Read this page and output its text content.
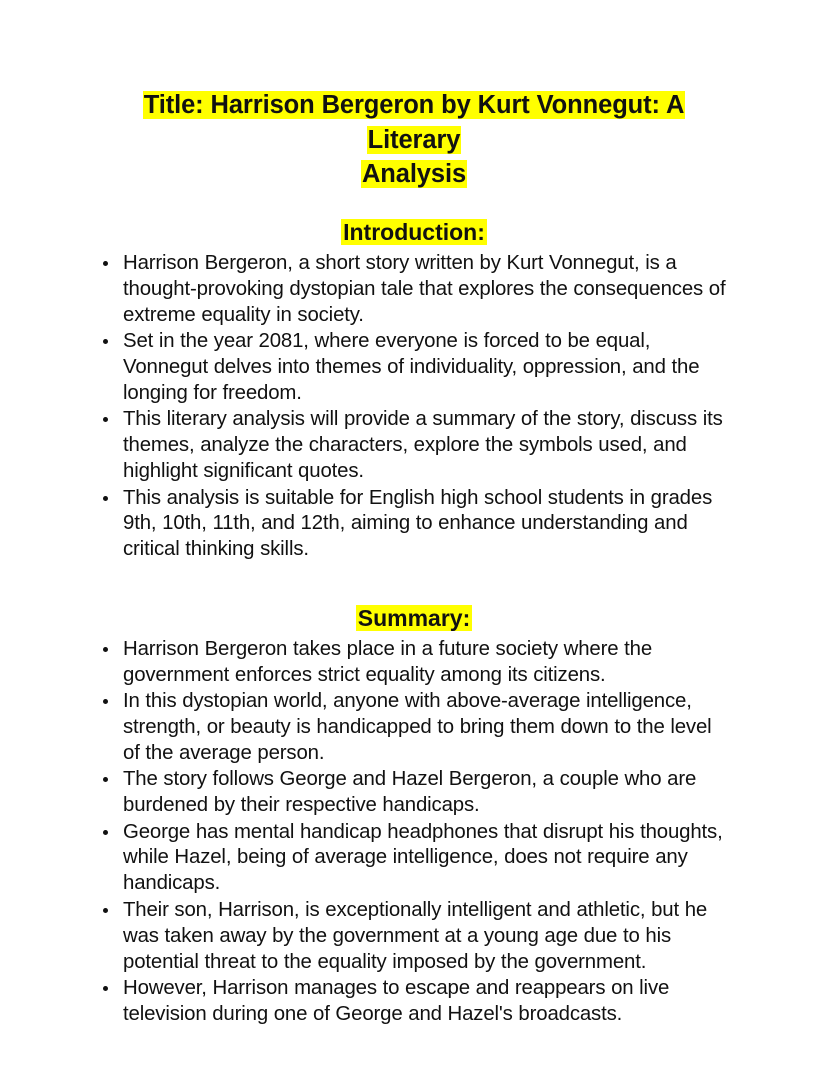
Title: Harrison Bergeron by Kurt Vonnegut: A Literary
Analysis
Introduction:
Harrison Bergeron, a short story written by Kurt Vonnegut, is a thought-provoking dystopian tale that explores the consequences of extreme equality in society.
Set in the year 2081, where everyone is forced to be equal, Vonnegut delves into themes of individuality, oppression, and the longing for freedom.
This literary analysis will provide a summary of the story, discuss its themes, analyze the characters, explore the symbols used, and highlight significant quotes.
This analysis is suitable for English high school students in grades 9th, 10th, 11th, and 12th, aiming to enhance understanding and critical thinking skills.
Summary:
Harrison Bergeron takes place in a future society where the government enforces strict equality among its citizens.
In this dystopian world, anyone with above-average intelligence, strength, or beauty is handicapped to bring them down to the level of the average person.
The story follows George and Hazel Bergeron, a couple who are burdened by their respective handicaps.
George has mental handicap headphones that disrupt his thoughts, while Hazel, being of average intelligence, does not require any handicaps.
Their son, Harrison, is exceptionally intelligent and athletic, but he was taken away by the government at a young age due to his potential threat to the equality imposed by the government.
However, Harrison manages to escape and reappears on live television during one of George and Hazel's broadcasts.
